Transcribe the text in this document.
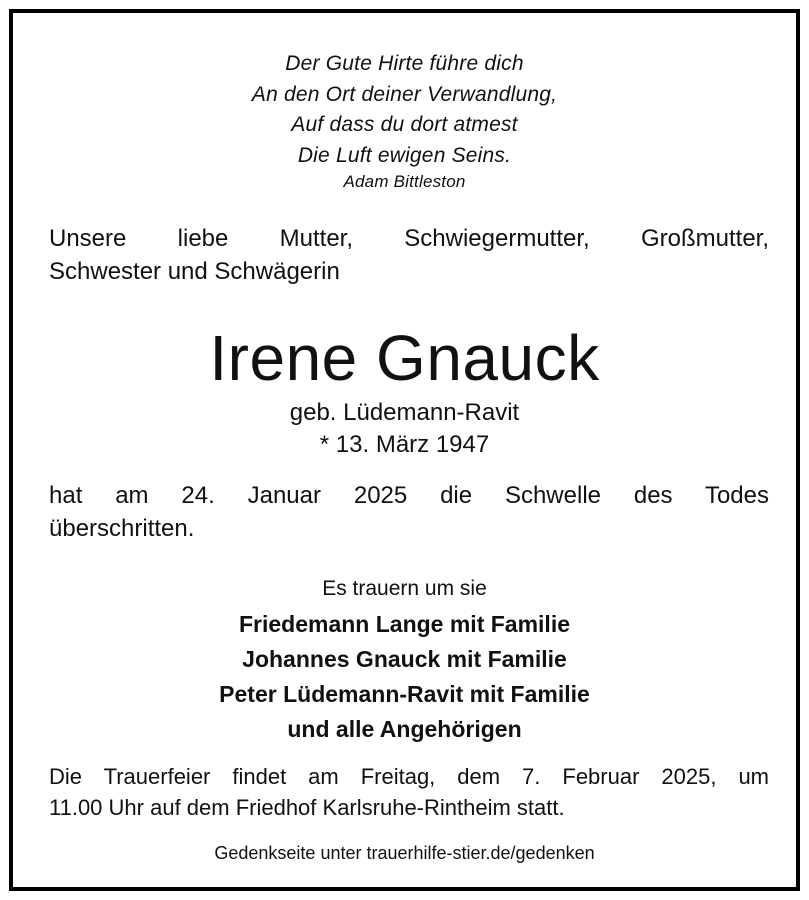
Der Gute Hirte führe dich
An den Ort deiner Verwandlung,
Auf dass du dort atmest
Die Luft ewigen Seins.
Adam Bittleston
Unsere liebe Mutter, Schwiegermutter, Großmutter,
Schwester und Schwägerin
Irene Gnauck
geb. Lüdemann-Ravit
* 13. März 1947
hat am 24. Januar 2025 die Schwelle des Todes
überschritten.
Es trauern um sie
Friedemann Lange mit Familie
Johannes Gnauck mit Familie
Peter Lüdemann-Ravit mit Familie
und alle Angehörigen
Die Trauerfeier findet am Freitag, dem 7. Februar 2025, um
11.00 Uhr auf dem Friedhof Karlsruhe-Rintheim statt.
Gedenkseite unter trauerhilfe-stier.de/gedenken
